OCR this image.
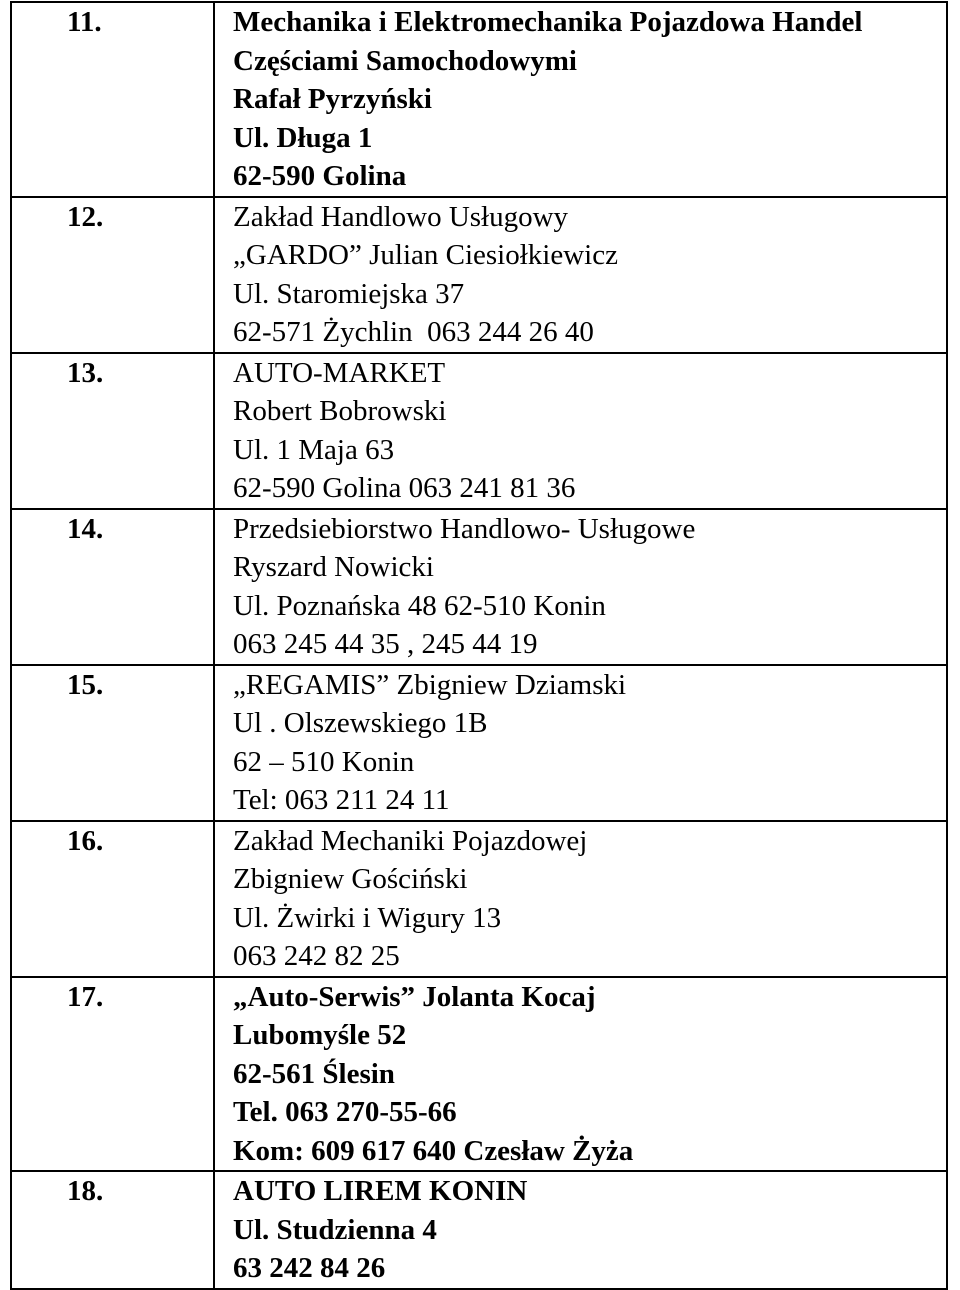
11.	Mechanika i Elektromechanika Pojazdowa Handel
Częściami Samochodowymi
Rafał Pyrzyński
Ul. Długa 1
62-590 Golina

12.	Zakład Handlowo Usługowy
„GARDO” Julian Ciesiołkiewicz
Ul. Staromiejska 37
62-571 Żychlin  063 244 26 40

13.	AUTO-MARKET
Robert Bobrowski
Ul. 1 Maja 63
62-590 Golina 063 241 81 36

14.	Przedsiebiorstwo Handlowo- Usługowe
Ryszard Nowicki
Ul. Poznańska 48 62-510 Konin
063 245 44 35 , 245 44 19

15.	„REGAMIS” Zbigniew Dziamski
Ul . Olszewskiego 1B
62 – 510 Konin
Tel: 063 211 24 11

16.	Zakład Mechaniki Pojazdowej
Zbigniew Gościński
Ul. Żwirki i Wigury 13
063 242 82 25

17.	„Auto-Serwis” Jolanta Kocaj
Lubomyśle 52
62-561 Ślesin
Tel. 063 270-55-66
Kom: 609 617 640 Czesław Żyża

18.	AUTO LIREM KONIN
Ul. Studzienna 4
63 242 84 26
